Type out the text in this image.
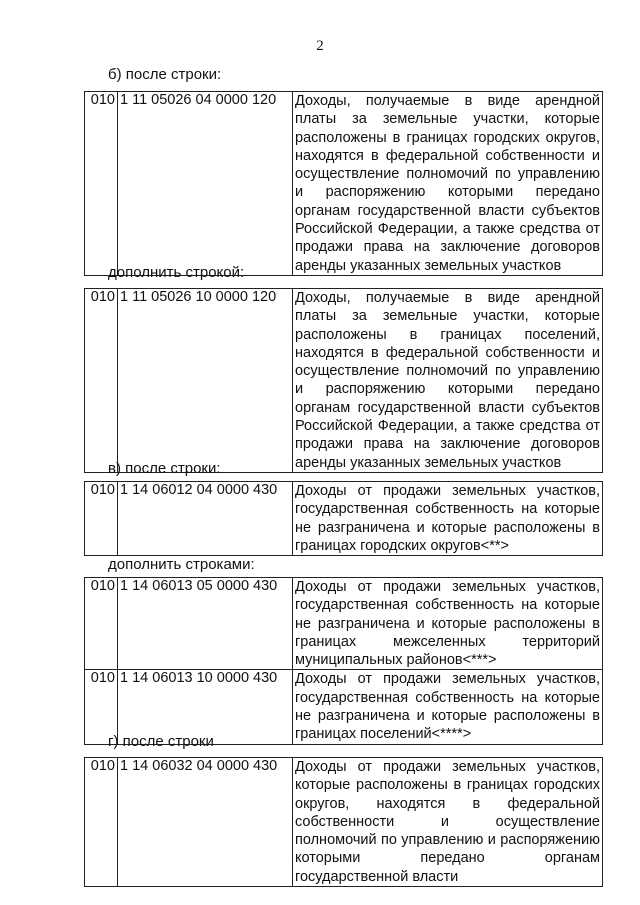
2
б) после строки:
010	1 11 05026 04 0000 120	Доходы, получаемые в виде арендной платы за земельные участки, которые расположены в границах городских округов, находятся в федеральной собственности и осуществление полномочий по управлению и распоряжению которыми передано органам государственной власти субъектов Российской Федерации, а также средства от продажи права на заключение договоров аренды указанных земельных участков
дополнить строкой:
010	1 11 05026 10 0000 120	Доходы, получаемые в виде арендной платы за земельные участки, которые расположены в границах поселений, находятся в федеральной собственности и осуществление полномочий по управлению и распоряжению которыми передано органам государственной власти субъектов Российской Федерации, а также средства от продажи права на заключение договоров аренды указанных земельных участков
в) после строки:
010	1 14 06012 04 0000 430	Доходы от продажи земельных участков, государственная собственность на которые не разграничена и которые расположены в границах городских округов<**>
дополнить строками:
010	1 14 06013 05 0000 430	Доходы от продажи земельных участков, государственная собственность на которые не разграничена и которые расположены в границах межселенных территорий муниципальных районов<***>
010	1 14 06013 10 0000 430	Доходы от продажи земельных участков, государственная собственность на которые не разграничена и которые расположены в границах поселений<****>
г) после строки
010	1 14 06032 04 0000 430	Доходы от продажи земельных участков, которые расположены в границах городских округов, находятся в федеральной собственности и осуществление полномочий по управлению и распоряжению которыми передано органам государственной власти
